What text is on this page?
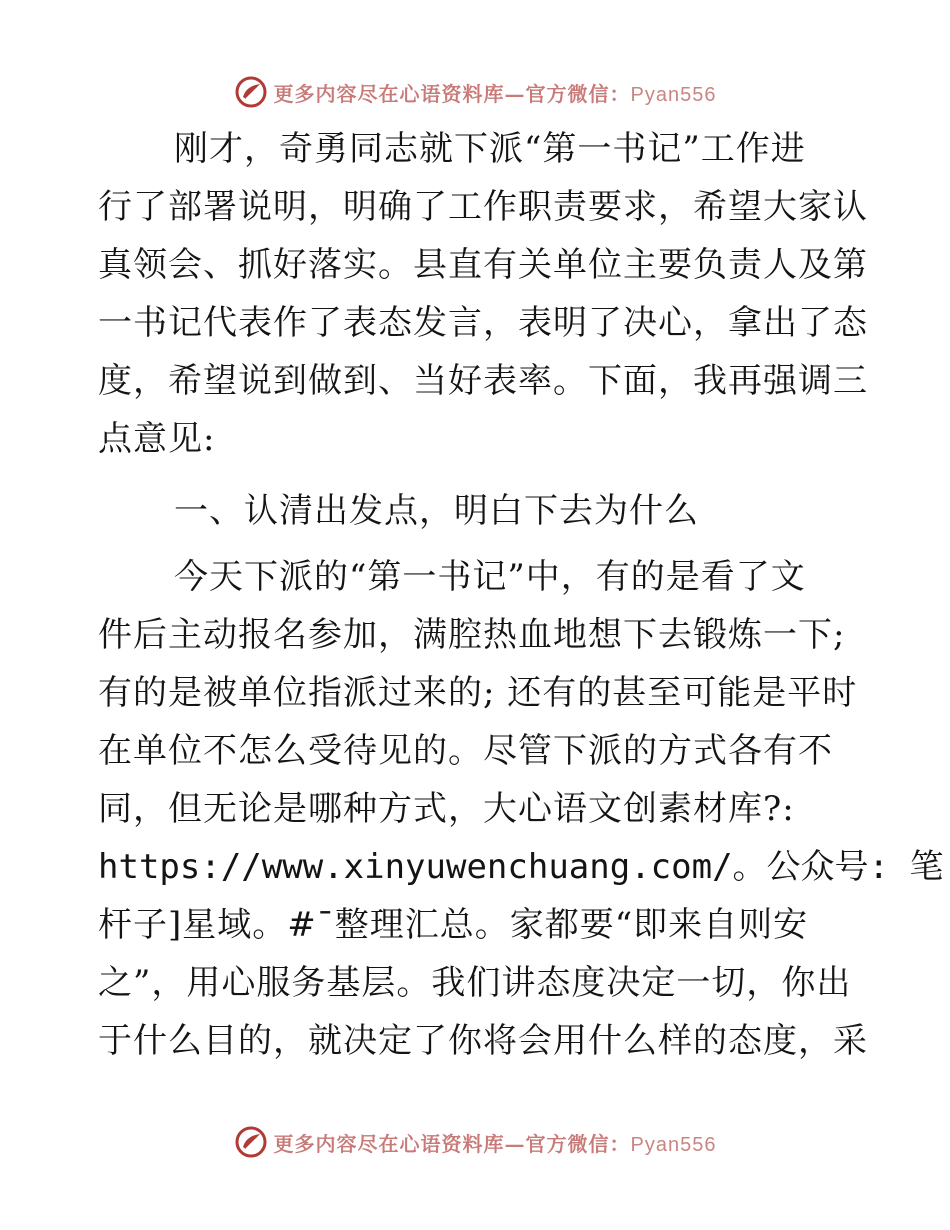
更多内容尽在心语资料库—官方微信：Pyan556

刚才，奇勇同志就下派“第一书记”工作进
行了部署说明，明确了工作职责要求，希望大家认
真领会、抓好落实。县直有关单位主要负责人及第
一书记代表作了表态发言，表明了决心，拿出了态
度，希望说到做到、当好表率。下面，我再强调三
点意见:

一、认清出发点，明白下去为什么

今天下派的“第一书记”中，有的是看了文
件后主动报名参加，满腔热血地想下去锻炼一下;
有的是被单位指派过来的; 还有的甚至可能是平时
在单位不怎么受待见的。尽管下派的方式各有不
同，但无论是哪种方式，大心语文创素材库?:
https://www.xinyuwenchuang.com/。公众号: 笔
杆子]星域。#¯整理汇总。家都要“即来自则安
之”，用心服务基层。我们讲态度决定一切，你出
于什么目的，就决定了你将会用什么样的态度，采

更多内容尽在心语资料库—官方微信：Pyan556
